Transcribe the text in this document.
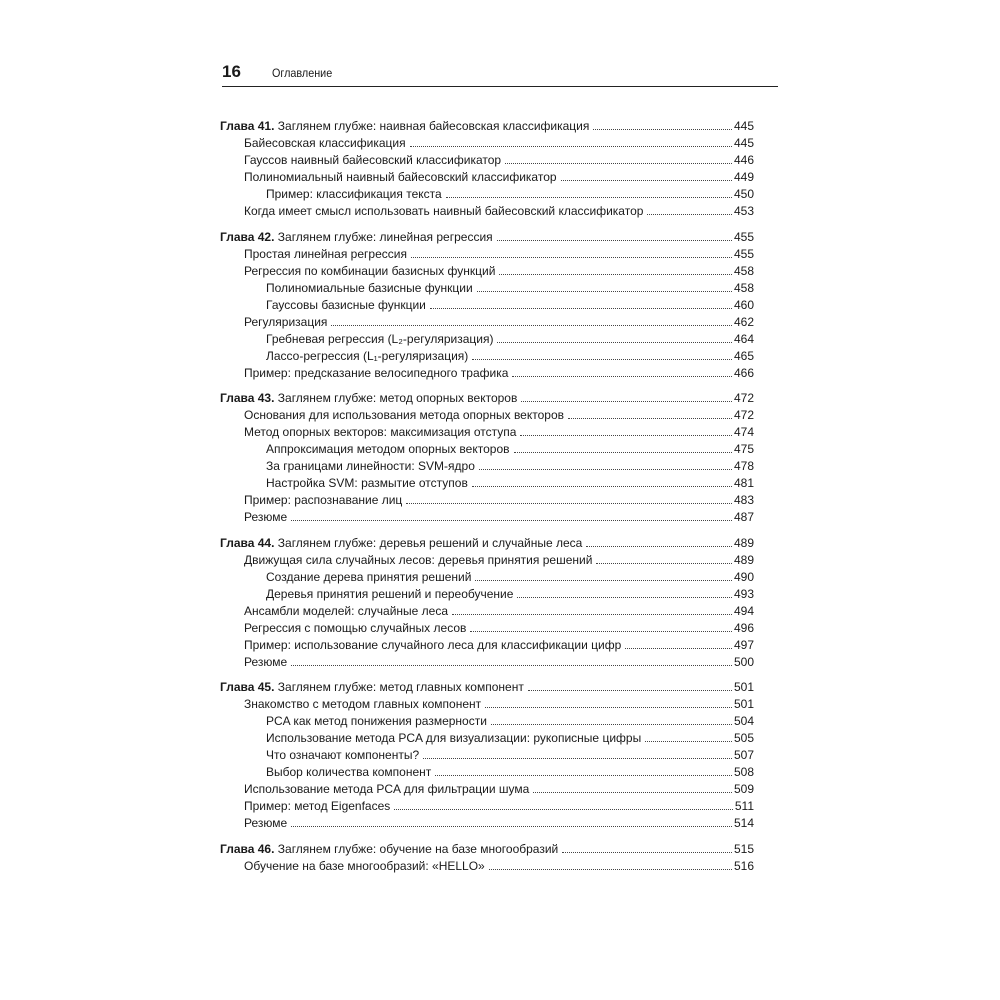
16	Оглавление
Глава 41. Заглянем глубже: наивная байесовская классификация	445
Байесовская классификация	445
Гауссов наивный байесовский классификатор	446
Полиномиальный наивный байесовский классификатор	449
Пример: классификация текста	450
Когда имеет смысл использовать наивный байесовский классификатор	453
Глава 42. Заглянем глубже: линейная регрессия	455
Простая линейная регрессия	455
Регрессия по комбинации базисных функций	458
Полиномиальные базисные функции	458
Гауссовы базисные функции	460
Регуляризация	462
Гребневая регрессия (L₂-регуляризация)	464
Лассо-регрессия (L₁-регуляризация)	465
Пример: предсказание велосипедного трафика	466
Глава 43. Заглянем глубже: метод опорных векторов	472
Основания для использования метода опорных векторов	472
Метод опорных векторов: максимизация отступа	474
Аппроксимация методом опорных векторов	475
За границами линейности: SVM-ядро	478
Настройка SVM: размытие отступов	481
Пример: распознавание лиц	483
Резюме	487
Глава 44. Заглянем глубже: деревья решений и случайные леса	489
Движущая сила случайных лесов: деревья принятия решений	489
Создание дерева принятия решений	490
Деревья принятия решений и переобучение	493
Ансамбли моделей: случайные леса	494
Регрессия с помощью случайных лесов	496
Пример: использование случайного леса для классификации цифр	497
Резюме	500
Глава 45. Заглянем глубже: метод главных компонент	501
Знакомство с методом главных компонент	501
PCA как метод понижения размерности	504
Использование метода PCA для визуализации: рукописные цифры	505
Что означают компоненты?	507
Выбор количества компонент	508
Использование метода PCA для фильтрации шума	509
Пример: метод Eigenfaces	511
Резюме	514
Глава 46. Заглянем глубже: обучение на базе многообразий	515
Обучение на базе многообразий: «HELLO»	516
